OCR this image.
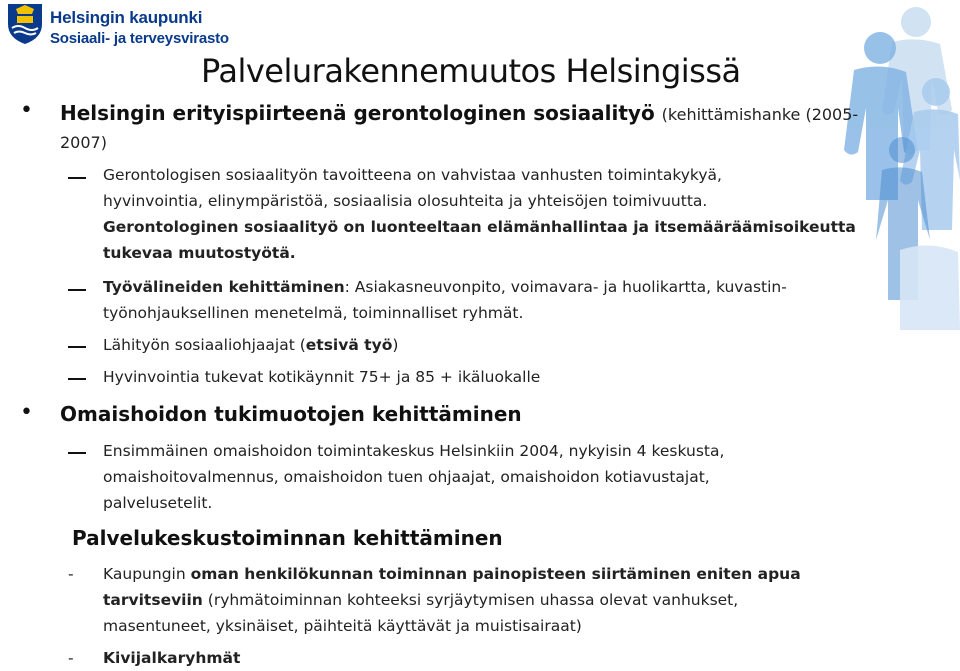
Helsingin kaupunki
Sosiaali- ja terveysvirasto
Palvelurakennemuutos Helsingissä
• Helsingin erityispiirteenä gerontologinen sosiaalityö (kehittämishanke (2005-

2007)

Gerontologisen sosiaalityön tavoitteena on vahvistaa vanhusten toimintakykyä,
hyvinvointia, elinympäristöä, sosiaalisia olosuhteita ja yhteisöjen toimivuutta.
Gerontologinen sosiaalityö on luonteeltaan elämänhallintaa ja itsemääräämisoikeutta
tukevaa muutostyötä.
Työvälineiden kehittäminen: Asiakasneuvonpito, voimavara- ja huolikartta, kuvastin-
työnohjauksellinen menetelmä, toiminnalliset ryhmät.
Lähityön sosiaaliohjaajat (etsivä työ)
Hyvinvointia tukevat kotikäynnit 75+ ja 85 + ikäluokalle
• Omaishoidon tukimuotojen kehittäminen

Ensimmäinen omaishoidon toimintakeskus Helsinkiin 2004, nykyisin 4 keskusta,
omaishoitovalmennus, omaishoidon tuen ohjaajat, omaishoidon kotiavustajat,
palvelusetelit.

Palvelukeskustoiminnan kehittäminen

- Kaupungin oman henkilökunnan toiminnan painopisteen siirtäminen eniten apua
tarvitseviin (ryhmätoiminnan kohteeksi syrjäytymisen uhassa olevat vanhukset,
masentuneet, yksinäiset, päihteitä käyttävät ja muistisairaat)
- Kivijalkaryhmät
